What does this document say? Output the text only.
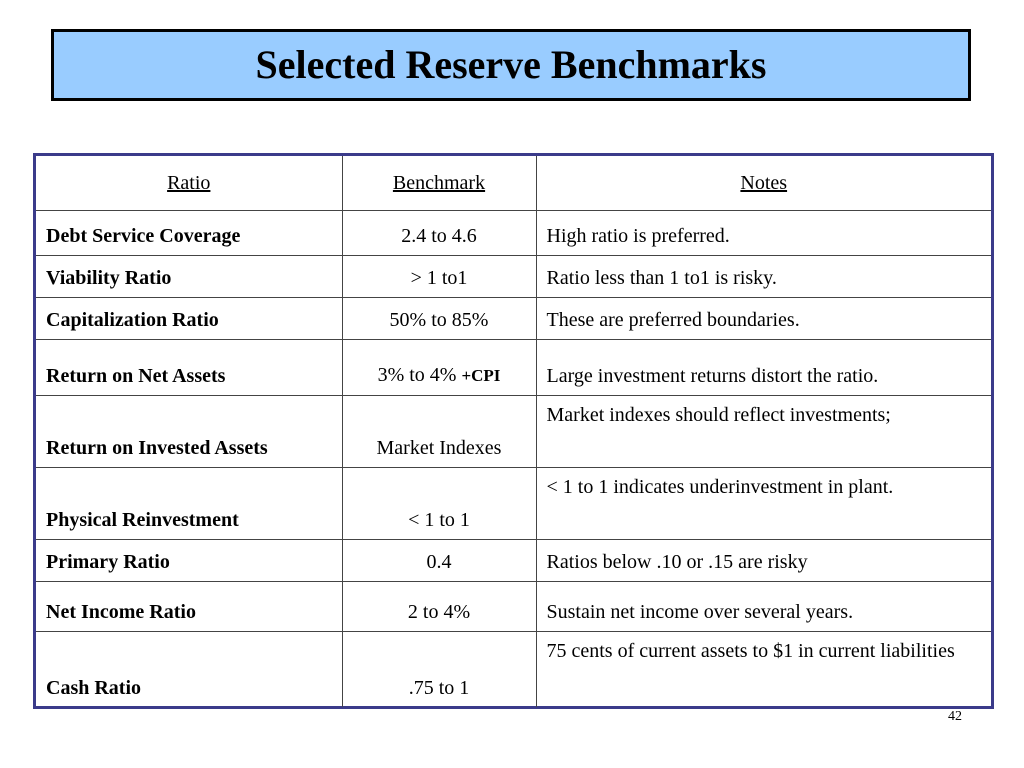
Selected Reserve Benchmarks
Ratio	Benchmark	Notes
Debt Service Coverage	2.4 to 4.6	High ratio is preferred.

Viability Ratio	> 1 to1	Ratio less than 1 to1 is risky.

Capitalization Ratio	50% to 85%	These are preferred boundaries.

Return on Net Assets	3% to 4% +CPI	Large investment returns distort the ratio.

Return on Invested Assets	Market Indexes	Market indexes should reflect investments;

Physical Reinvestment	< 1 to 1	< 1 to 1 indicates underinvestment in plant.

Primary Ratio	0.4	Ratios below .10 or .15 are risky

Net Income Ratio	2 to 4%	Sustain net income over several years.

Cash Ratio	.75 to 1	75 cents of current assets to $1 in current liabilities
42
